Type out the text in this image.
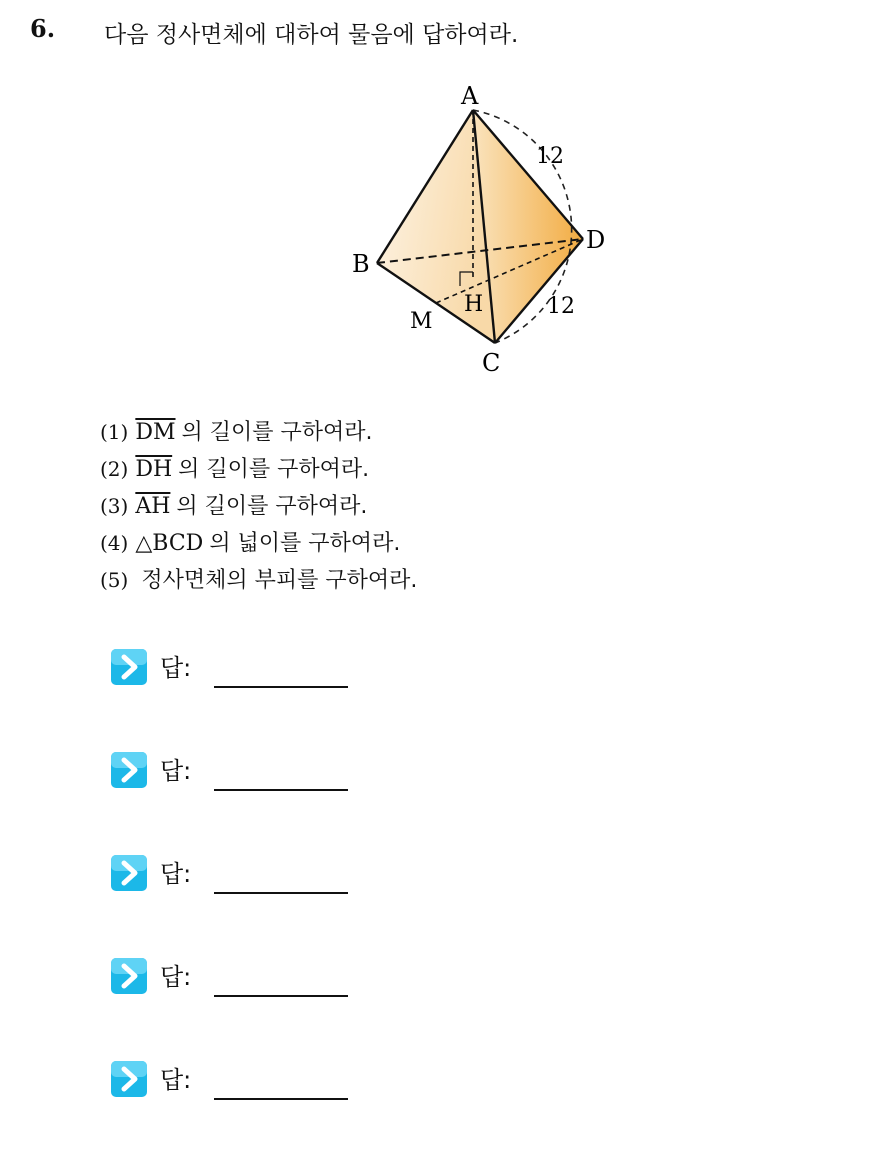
6. 다음 정사면체에 대하여 물음에 답하여라.
A
B
C
D
H
M
12
12
(1) $\overline{DM}$ 의 길이를 구하여라.
(2) $\overline{DH}$ 의 길이를 구하여라.
(3) $\overline{AH}$ 의 길이를 구하여라.
(4) △BCD 의 넓이를 구하여라.
(5) 정사면체의 부피를 구하여라.
답:
답:
답:
답:
답:
